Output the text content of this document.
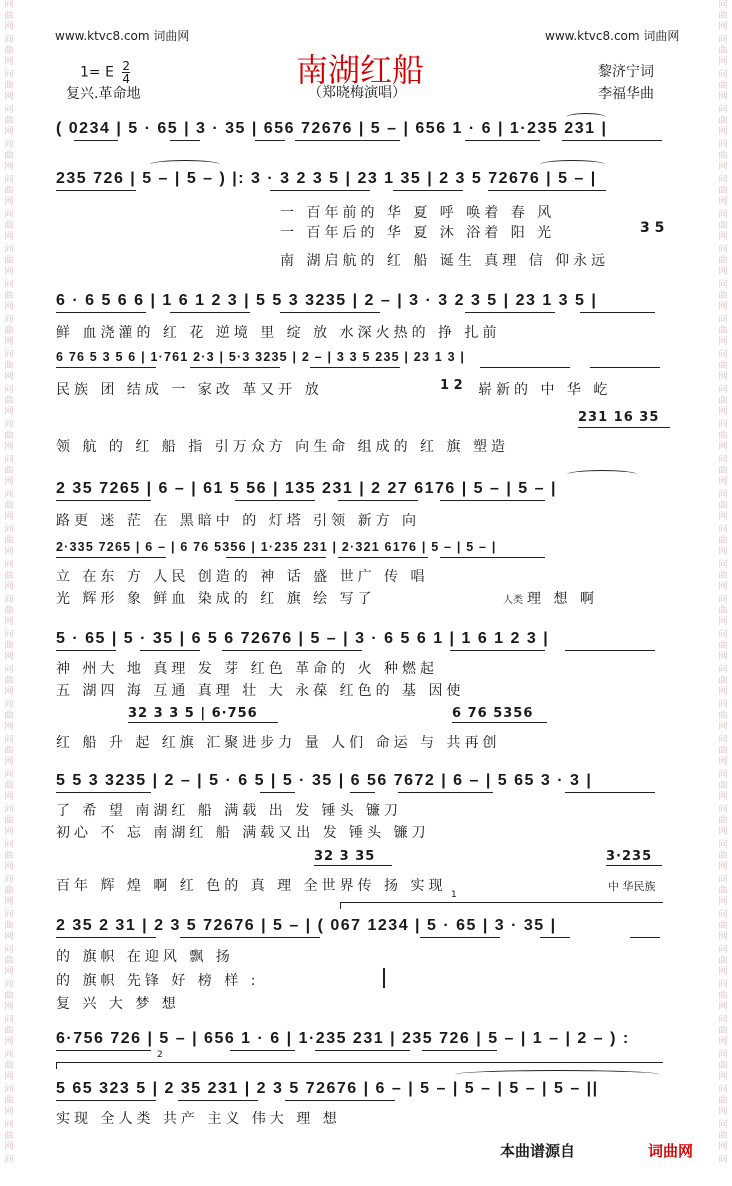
问
曲
网
问
曲
网
问
曲
网
问
曲
网
问
曲
网
问
曲
网
问
曲
网
问
曲
网
问
曲
网
问
曲
网
问
曲
网
问
曲
网
问
曲
网
问
曲
网
问
曲
网
问
曲
网
问
曲
网
问
曲
网
问
曲
网
问
曲
网
问
曲
网
问
曲
网
问
曲
网
问
曲
网
问
曲
网
问
曲
网
问
曲
网
问
曲
网
问
曲
网
问
曲
网
问
曲
网
问
曲
网
问
曲
网
问
问
曲
网
问
曲
网
问
曲
网
问
曲
网
问
曲
网
问
曲
网
问
曲
网
问
曲
网
问
曲
网
问
曲
网
问
曲
网
问
曲
网
问
曲
网
问
曲
网
问
曲
网
问
曲
网
问
曲
网
问
曲
网
问
曲
网
问
曲
网
问
曲
网
问
曲
网
问
曲
网
问
曲
网
问
曲
网
问
曲
网
问
曲
网
问
曲
网
问
曲
网
问
曲
网
问
曲
网
问
曲
网
问
曲
网
问
www.ktvc8.com 词曲网	www.ktvc8.com 词曲网
南湖红船
（郑晓梅演唱）
1= E $\frac{2}{4}$
复兴.革命地
黎济宁词
李福华曲
( 0234 | 5 · 65 | 3 · 35 | 656 72676 | 5 – | 656 1 · 6 | 1·235 231 |
235 726 | 5 – | 5 – ) |: 3 · 3 2 3 5 | 23 1 35 | 2 3 5 72676 | 5 – |
一 百年前的 华 夏 呼 唤着 春 风
一 百年后的 华 夏 沐 浴着 阳 光	3 5
南 湖启航的 红 船 诞生 真理 信 仰永远
6 · 6 5 6 6 | 1 6 1 2 3 | 5 5 3 3235 | 2 – | 3 · 3 2 3 5 | 23 1 3 5 |
鲜 血浇灌的 红 花 逆境 里 绽 放 水深火热的 挣 扎前
6 76 5 3 5 6 | 1·761 2·3 | 5·3 3235 | 2 – | 3 3 5 235 | 23 1 3 |
民族 团 结成 一 家改 革又开 放	1 2 崭新的 中 华 屹
231 16 35
领 航 的 红 船 指 引万众方 向生命 组成的 红 旗 塑造
2 35 7265 | 6 – | 61 5 56 | 135 231 | 2 27 6176 | 5 – | 5 – |
路更 迷 茫 在 黑暗中 的 灯塔 引领 新方 向
2·335 7265 | 6 – | 6 76 5356 | 1·235 231 | 2·321 6176 | 5 – | 5 – |
立 在东 方 人民 创造的 神 话 盛 世广 传 唱
光 辉形 象 鲜血 染成的 红 旗 绘 写了	人类 理 想 啊
5 · 65 | 5 · 35 | 6 5 6 72676 | 5 – | 3 · 6 5 6 1 | 1 6 1 2 3 |
神 州大 地 真理 发 芽 红色 革命的 火 种燃起
五 湖四 海 互通 真理 壮 大 永葆 红色的 基 因使
32 3 3 5 | 6·756	6 76 5356
红 船 升 起 红旗 汇聚进步力 量 人们 命运 与 共再创
5 5 3 3235 | 2 – | 5 · 6 5 | 5 · 35 | 6 56 7672 | 6 – | 5 65 3 · 3 |
了 希 望 南湖红 船 满载 出 发 锤头 镰刀
初心 不 忘 南湖红 船 满载又出 发 锤头 镰刀
32 3 35	3·235
百年 辉 煌 啊 红 色的 真 理 全世界传 扬 实现	中 华民族
1
2 35 2 31 | 2 3 5 72676 | 5 – | ( 067 1234 | 5 · 65 | 3 · 35 |
的 旗帜 在迎风 飘 扬
的 旗帜 先锋 好 榜 样 :
复 兴 大 梦 想
6·756 726 | 5 – | 656 1 · 6 | 1·235 231 | 235 726 | 5 – | 1 – | 2 – ) :
2
5 65 323 5 | 2 35 231 | 2 3 5 72676 | 6 – | 5 – | 5 – | 5 – | 5 – ||
实现 全人类 共产 主义 伟大 理 想
本曲谱源自	词曲网
